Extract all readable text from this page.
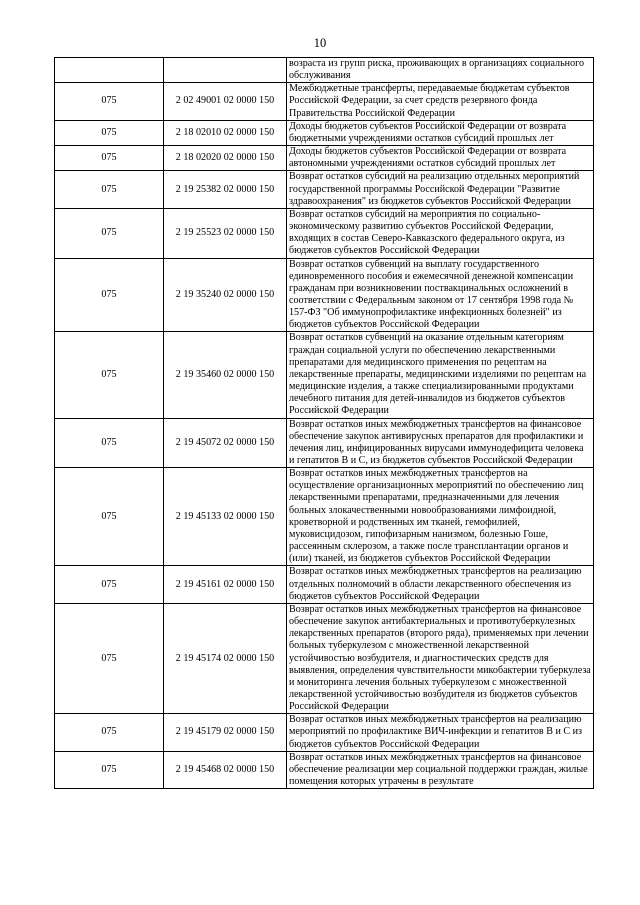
10
		возраста из групп риска, проживающих в организациях социального обслуживания
075	2 02 49001 02 0000 150	Межбюджетные трансферты, передаваемые бюджетам субъектов Российской Федерации, за счет средств резервного фонда Правительства Российской Федерации
075	2 18 02010 02 0000 150	Доходы бюджетов субъектов Российской Федерации от возврата бюджетными учреждениями остатков субсидий прошлых лет
075	2 18 02020 02 0000 150	Доходы бюджетов субъектов Российской Федерации от возврата автономными учреждениями остатков субсидий прошлых лет
075	2 19 25382 02 0000 150	Возврат остатков субсидий на реализацию отдельных мероприятий государственной программы Российской Федерации "Развитие здравоохранения" из бюджетов субъектов Российской Федерации
075	2 19 25523 02 0000 150	Возврат остатков субсидий на мероприятия по социально-экономическому развитию субъектов Российской Федерации, входящих в состав Северо-Кавказского федерального округа, из бюджетов субъектов Российской Федерации
075	2 19 35240 02 0000 150	Возврат остатков субвенций на выплату государственного единовременного пособия и ежемесячной денежной компенсации гражданам при возникновении поствакцинальных осложнений в соответствии с Федеральным законом от 17 сентября 1998 года № 157-ФЗ "Об иммунопрофилактике инфекционных болезней" из бюджетов субъектов Российской Федерации
075	2 19 35460 02 0000 150	Возврат остатков субвенций на оказание отдельным категориям граждан социальной услуги по обеспечению лекарственными препаратами для медицинского применения по рецептам на лекарственные препараты, медицинскими изделиями по рецептам на медицинские изделия, а также специализированными продуктами лечебного питания для детей-инвалидов из бюджетов субъектов Российской Федерации
075	2 19 45072 02 0000 150	Возврат остатков иных межбюджетных трансфертов на финансовое обеспечение закупок антивирусных препаратов для профилактики и лечения лиц, инфицированных вирусами иммунодефицита человека и гепатитов B и C, из бюджетов субъектов Российской Федерации
075	2 19 45133 02 0000 150	Возврат остатков иных межбюджетных трансфертов на осуществление организационных мероприятий по обеспечению лиц лекарственными препаратами, предназначенными для лечения больных злокачественными новообразованиями лимфоидной, кроветворной и родственных им тканей, гемофилией, муковисцидозом, гипофизарным нанизмом, болезнью Гоше, рассеянным склерозом, а также после трансплантации органов и (или) тканей, из бюджетов субъектов Российской Федерации
075	2 19 45161 02 0000 150	Возврат остатков иных межбюджетных трансфертов на реализацию отдельных полномочий в области лекарственного обеспечения из бюджетов субъектов Российской Федерации
075	2 19 45174 02 0000 150	Возврат остатков иных межбюджетных трансфертов на финансовое обеспечение закупок антибактериальных и противотуберкулезных лекарственных препаратов (второго ряда), применяемых при лечении больных туберкулезом с множественной лекарственной устойчивостью возбудителя, и диагностических средств для выявления, определения чувствительности микобактерии туберкулеза и мониторинга лечения больных туберкулезом с множественной лекарственной устойчивостью возбудителя из бюджетов субъектов Российской Федерации
075	2 19 45179 02 0000 150	Возврат остатков иных межбюджетных трансфертов на реализацию мероприятий по профилактике ВИЧ-инфекции и гепатитов B и C из бюджетов субъектов Российской Федерации
075	2 19 45468 02 0000 150	Возврат остатков иных межбюджетных трансфертов на финансовое обеспечение реализации мер социальной поддержки граждан, жилые помещения которых утрачены в результате
